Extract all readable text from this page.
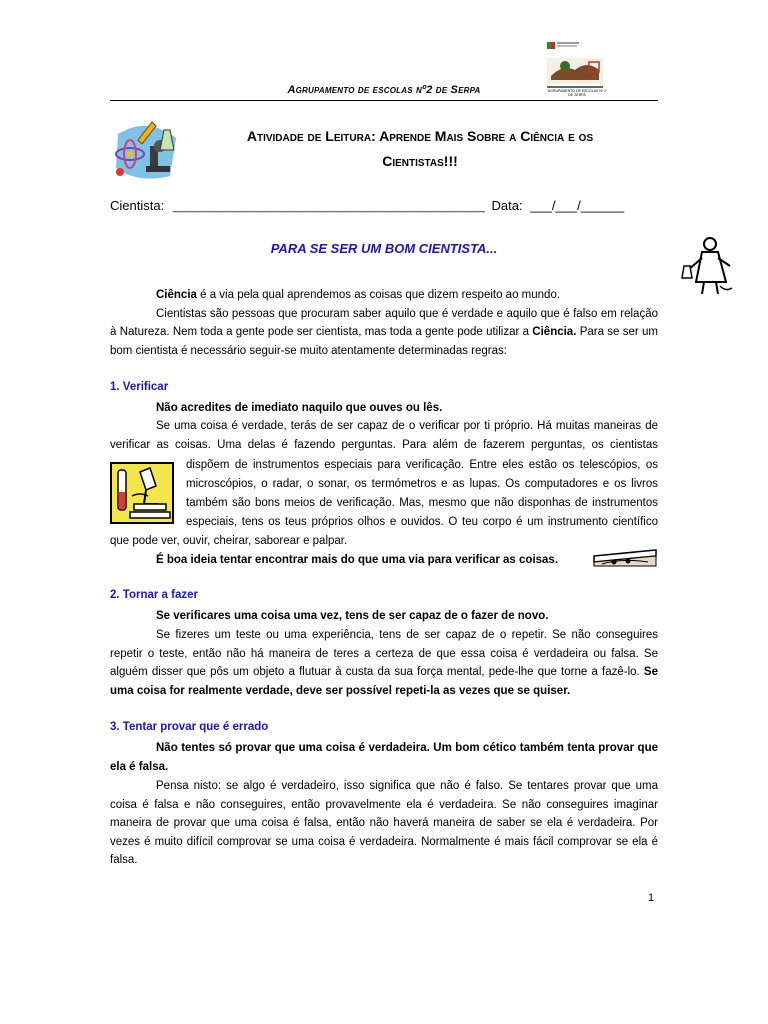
Agrupamento de escolas nº2 de Serpa	AGRUPAMENTO DE ESCOLAS Nº 2 DE SERPA
Atividade de Leitura: Aprende Mais Sobre a Ciência e os
Cientistas!!!
Cientista: ___________________________________________________ Data: ___/___/______
PARA SE SER UM BOM CIENTISTA...
Ciência é a via pela qual aprendemos as coisas que dizem respeito ao mundo.
Cientistas são pessoas que procuram saber aquilo que é verdade e aquilo que é falso em relação à Natureza. Nem toda a gente pode ser cientista, mas toda a gente pode utilizar a Ciência. Para se ser um bom cientista é necessário seguir-se muito atentamente determinadas regras:
1. Verificar
Não acredites de imediato naquilo que ouves ou lês.
Se uma coisa é verdade, terás de ser capaz de o verificar por ti próprio. Há muitas maneiras de
verificar as coisas. Uma delas é fazendo perguntas. Para além de fazerem perguntas, os cientistas
dispõem de instrumentos especiais para verificação. Entre eles estão os telescópios, os
microscópios, o radar, o sonar, os termómetros e as lupas. Os computadores e os livros
também são bons meios de verificação. Mas, mesmo que não disponhas de instrumentos
especiais, tens os teus próprios olhos e ouvidos. O teu corpo é um instrumento científico
que pode ver, ouvir, cheirar, saborear e palpar.
É boa ideia tentar encontrar mais do que uma via para verificar as coisas.
2. Tornar a fazer
Se verificares uma coisa uma vez, tens de ser capaz de o fazer de novo.
Se fizeres um teste ou uma experiência, tens de ser capaz de o repetir. Se não conseguires repetir o teste, então não há maneira de teres a certeza de que essa coisa é verdadeira ou falsa. Se alguém disser que pôs um objeto a flutuar à custa da sua força mental, pede-lhe que torne a fazê-lo. Se uma coisa for realmente verdade, deve ser possível repeti-la as vezes que se quiser.
3. Tentar provar que é errado
Não tentes só provar que uma coisa é verdadeira. Um bom cético também tenta provar que ela é falsa.
Pensa nisto: se algo é verdadeiro, isso significa que não é falso. Se tentares provar que uma coisa é falsa e não conseguires, então provavelmente ela é verdadeira. Se não conseguires imaginar maneira de provar que uma coisa é falsa, então não haverá maneira de saber se ela é verdadeira. Por vezes é muito difícil comprovar se uma coisa é verdadeira. Normalmente é mais fácil comprovar se ela é falsa.
1
